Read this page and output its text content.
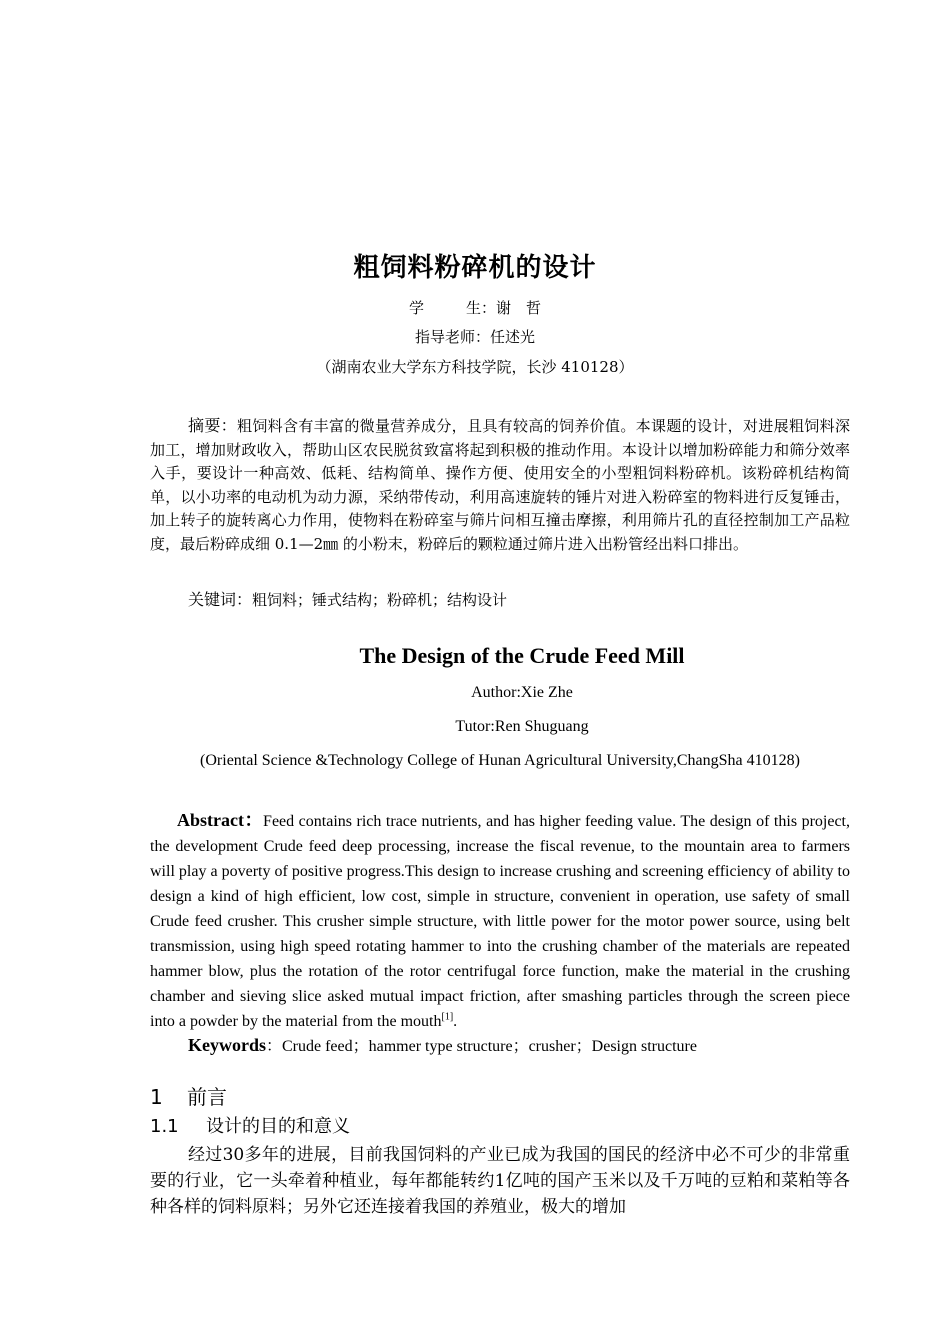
粗饲料粉碎机的设计
学	生：谢　哲
指导老师：任述光
（湖南农业大学东方科技学院，长沙 410128）
摘要：粗饲料含有丰富的微量营养成分，且具有较高的饲养价值。本课题的设计，对进展粗饲料深加工，增加财政收入，帮助山区农民脱贫致富将起到积极的推动作用。本设计以增加粉碎能力和筛分效率入手，要设计一种高效、低耗、结构简单、操作方便、使用安全的小型粗饲料粉碎机。该粉碎机结构简单，以小功率的电动机为动力源，采纳带传动，利用高速旋转的锤片对进入粉碎室的物料进行反复锤击，加上转子的旋转离心力作用，使物料在粉碎室与筛片问相互撞击摩擦，利用筛片孔的直径控制加工产品粒度，最后粉碎成细 0.1—2㎜ 的小粉末，粉碎后的颗粒通过筛片进入出粉管经出料口排出。
关键词：粗饲料；锤式结构；粉碎机；结构设计
The Design of the Crude Feed Mill
Author:Xie Zhe
Tutor:Ren Shuguang
(Oriental Science &Technology College of Hunan Agricultural University,ChangSha 410128)
Abstract：Feed contains rich trace nutrients, and has higher feeding value. The design of this project, the development Crude feed deep processing, increase the fiscal revenue, to the mountain area to farmers will play a poverty of positive progress.This design to increase crushing and screening efficiency of ability to design a kind of high efficient, low cost, simple in structure, convenient in operation, use safety of small Crude feed crusher. This crusher simple structure, with little power for the motor power source, using belt transmission, using high speed rotating hammer to into the crushing chamber of the materials are repeated hammer blow, plus the rotation of the rotor centrifugal force function, make the material in the crushing chamber and sieving slice asked mutual impact friction, after smashing particles through the screen piece into a powder by the material from the mouth[1].
Keywords：Crude feed；hammer type structure；crusher；Design structure
1 前言
1.1 设计的目的和意义
经过30多年的进展，目前我国饲料的产业已成为我国的国民的经济中必不可少的非常重要的行业，它一头牵着种植业，每年都能转约1亿吨的国产玉米以及千万吨的豆粕和菜粕等各种各样的饲料原料；另外它还连接着我国的养殖业，极大的增加
